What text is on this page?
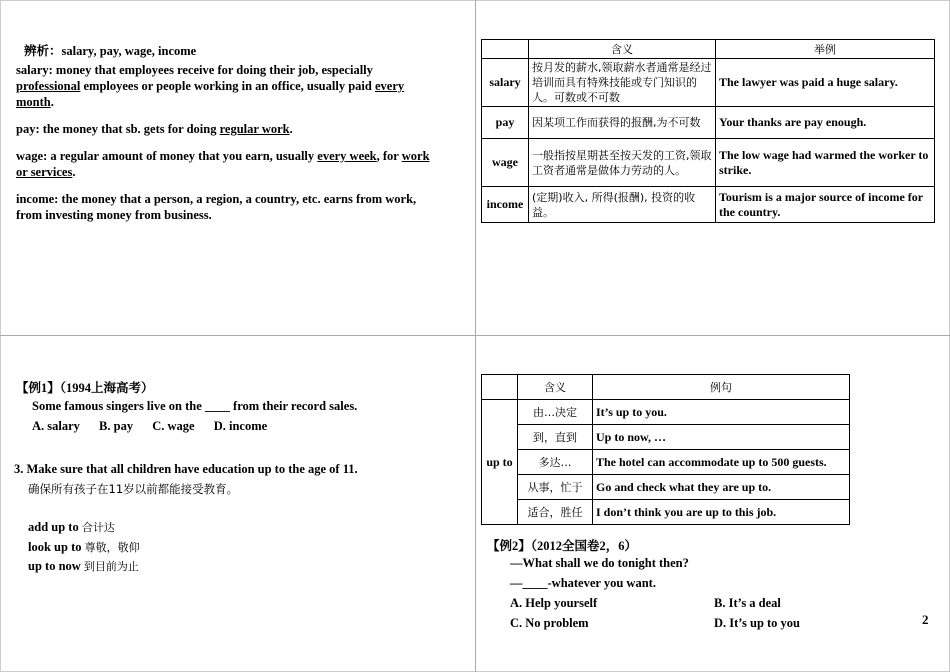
辨析：salary, pay, wage, income

salary: money that employees receive for doing their job, especially
professional employees or people working in an office, usually paid every
month.

pay: the money that sb. gets for doing regular work.

wage: a regular amount of money that you earn, usually every week, for work
or services.

income: the money that a person, a region, a country, etc. earns from work,
from investing money from business.

	含义	举例
salary	按月发的薪水,领取薪水者通常是经过培训而具有特殊技能或专门知识的人。可数或不可数	The lawyer was paid a huge salary.
pay	因某项工作而获得的报酬,为不可数	Your thanks are pay enough.
wage	一般指按星期甚至按天发的工资,领取工资者通常是做体力劳动的人。	The low wage had warmed the worker to strike.
income	(定期)收入, 所得(报酬), 投资的收益。	Tourism is a major source of income for the country.
【例1】（1994上海高考）
Some famous singers live on the ____ from their record sales.
A. salary B. pay C. wage D. income
3. Make sure that all children have education up to the age of 11.
确保所有孩子在11岁以前都能接受教育。
add up to 合计达
look up to 尊敬，敬仰
up to now 到目前为止
	含义	例句
up to	由…决定	It’s up to you.
	到，直到	Up to now, …
	多达…	The hotel can accommodate up to 500 guests.
	从事，忙于	Go and check what they are up to.
	适合，胜任	I don’t think you are up to this job.
【例2】（2012全国卷2，6）
—What shall we do tonight then?
—____-whatever you want.
A. Help yourself	B. It’s a deal
C. No problem	D. It’s up to you	2
